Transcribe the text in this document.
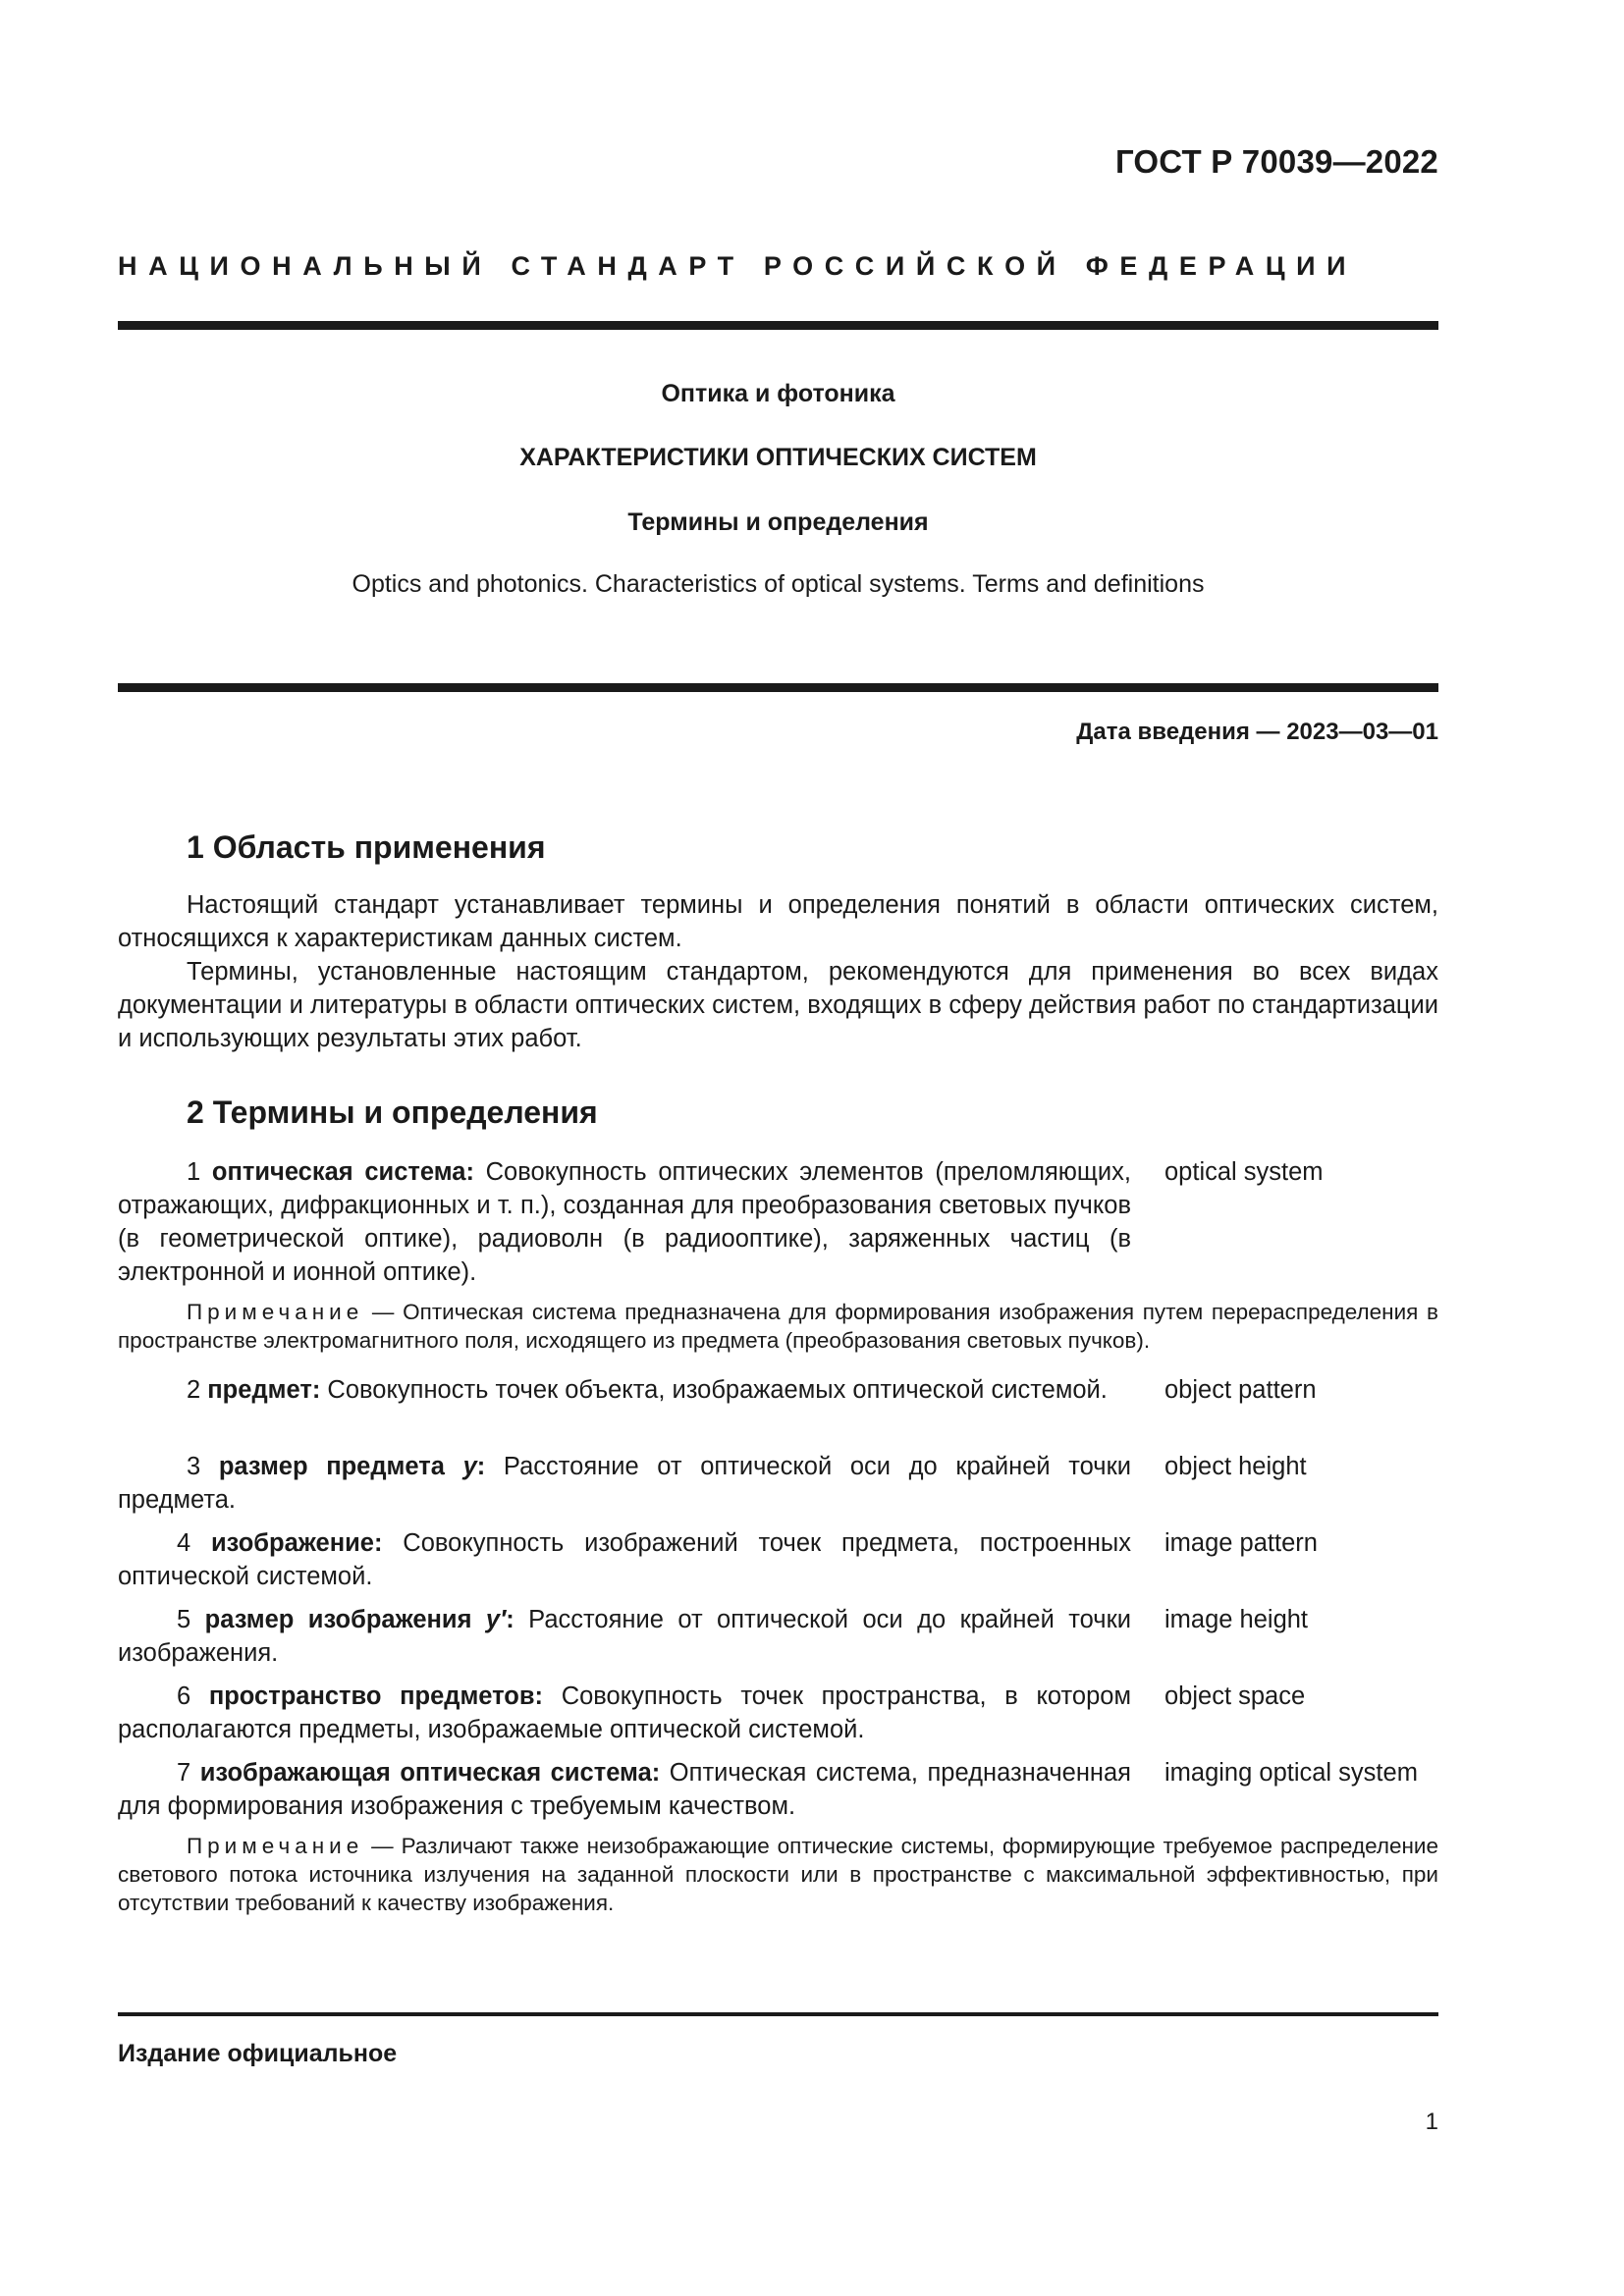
ГОСТ Р 70039—2022
НАЦИОНАЛЬНЫЙ СТАНДАРТ РОССИЙСКОЙ ФЕДЕРАЦИИ
Оптика и фотоника
ХАРАКТЕРИСТИКИ ОПТИЧЕСКИХ СИСТЕМ
Термины и определения
Optics and photonics. Characteristics of optical systems. Terms and definitions
Дата введения — 2023—03—01
1 Область применения
Настоящий стандарт устанавливает термины и определения понятий в области оптических систем, относящихся к характеристикам данных систем.
Термины, установленные настоящим стандартом, рекомендуются для применения во всех видах документации и литературы в области оптических систем, входящих в сферу действия работ по стандартизации и использующих результаты этих работ.
2 Термины и определения
1 оптическая система: Совокупность оптических элементов (преломляющих, отражающих, дифракционных и т. п.), созданная для преобразования световых пучков (в геометрической оптике), радиоволн (в радиооптике), заряженных частиц (в электронной и ионной оптике).
optical system
Примечание — Оптическая система предназначена для формирования изображения путем перераспределения в пространстве электромагнитного поля, исходящего из предмета (преобразования световых пучков).
2 предмет: Совокупность точек объекта, изображаемых оптической системой.	object pattern
3 размер предмета y: Расстояние от оптической оси до крайней точки предмета.
object height
4 изображение: Совокупность изображений точек предмета, построенных оптической системой.
image pattern
5 размер изображения y′: Расстояние от оптической оси до крайней точки изображения.
image height
6 пространство предметов: Совокупность точек пространства, в котором располагаются предметы, изображаемые оптической системой.
object space
7 изображающая оптическая система: Оптическая система, предназначенная для формирования изображения с требуемым качеством.
imaging optical system
Примечание — Различают также неизображающие оптические системы, формирующие требуемое распределение светового потока источника излучения на заданной плоскости или в пространстве с максимальной эффективностью, при отсутствии требований к качеству изображения.
Издание официальное
1
